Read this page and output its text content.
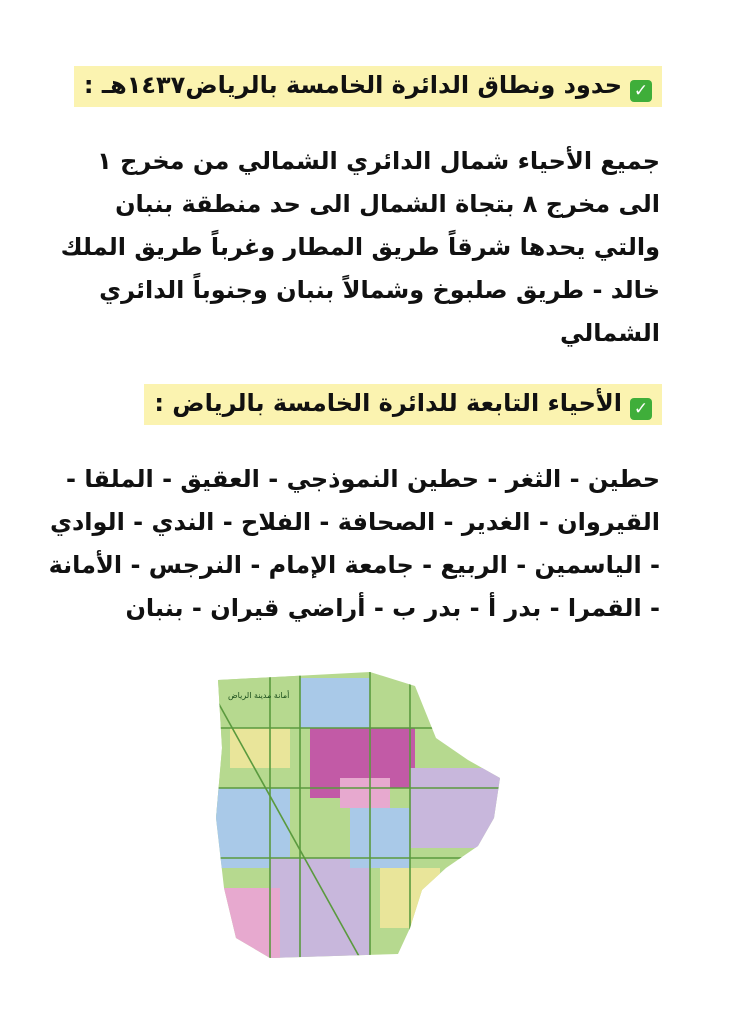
✓حدود ونطاق الدائرة الخامسة بالرياض١٤٣٧هـ :
جميع الأحياء شمال الدائري الشمالي من مخرج ١
الى مخرج ٨ بتجاة الشمال الى حد منطقة بنبان
والتي يحدها شرقاً طريق المطار وغرباً طريق الملك
خالد - طريق صلبوخ وشمالاً بنبان وجنوباً الدائري
الشمالي
✓الأحياء التابعة للدائرة الخامسة بالرياض :
حطين - الثغر - حطين النموذجي - العقيق - الملقا -
القيروان - الغدير - الصحافة - الفلاح - الندي - الوادي
- الياسمين - الربيع - جامعة الإمام - النرجس - الأمانة
- القمرا - بدر أ - بدر ب - أراضي قيران - بنبان
أمانة مدينة الرياض
